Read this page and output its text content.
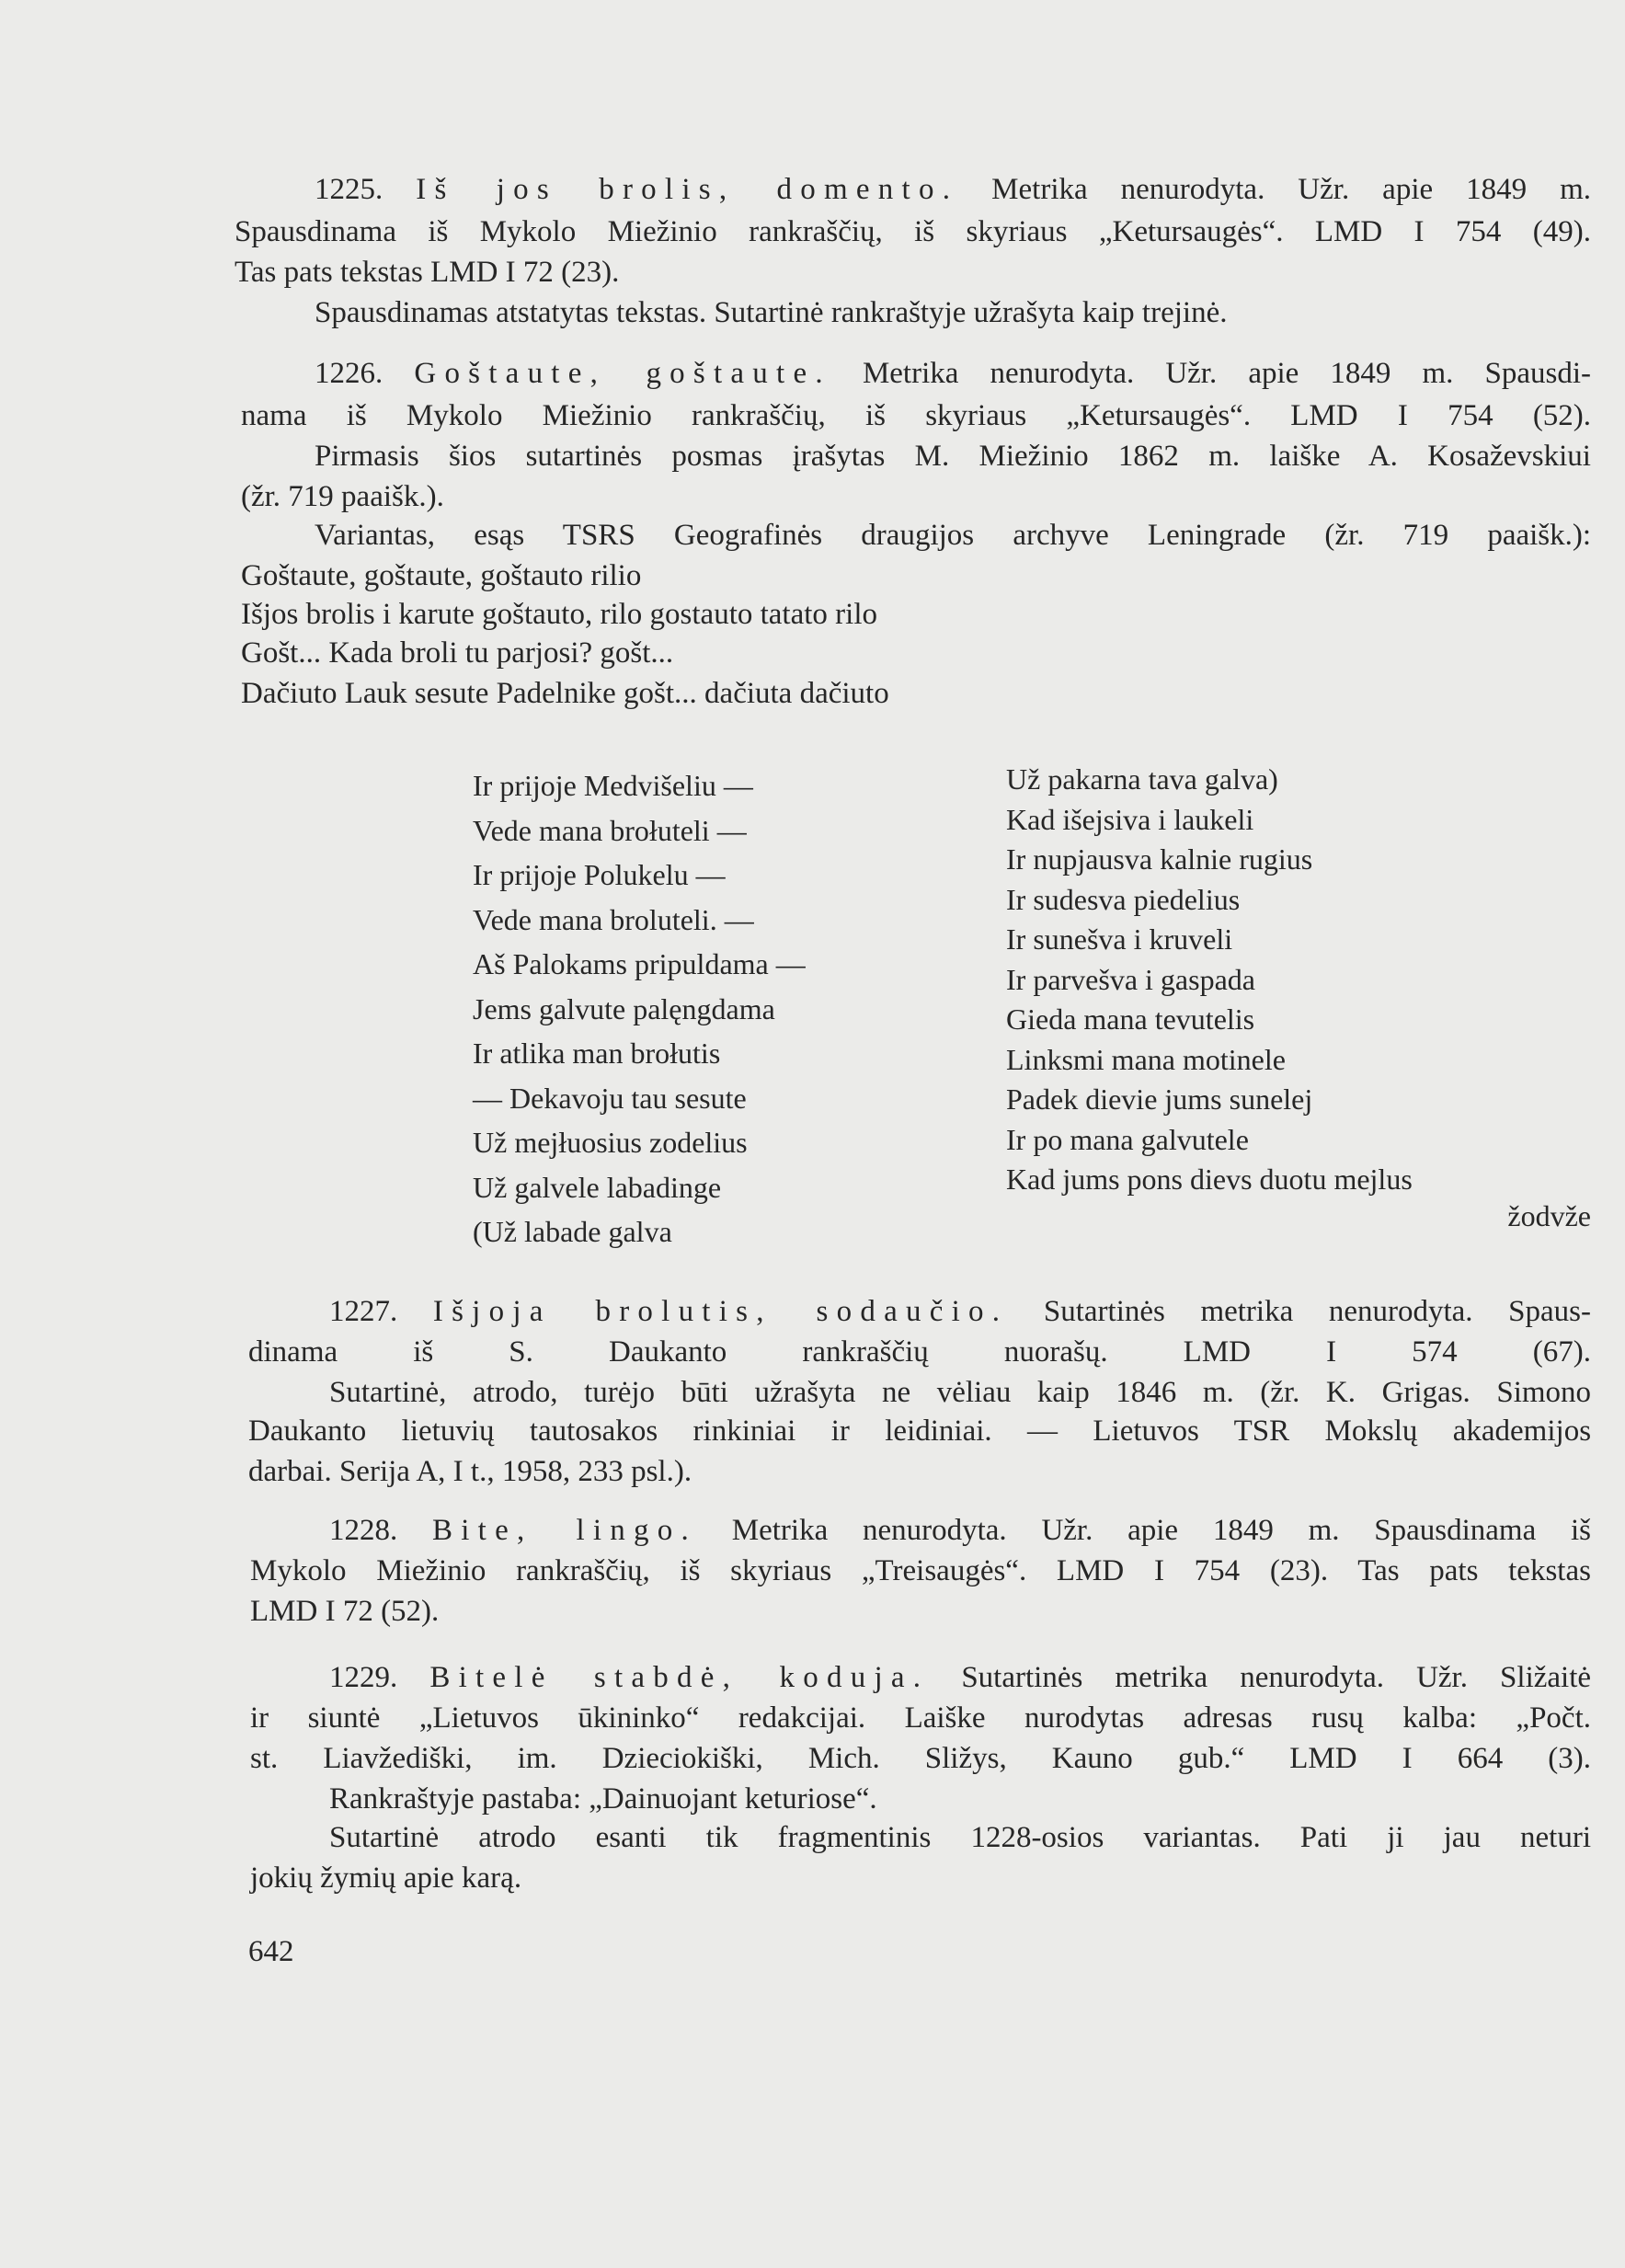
1225. Iš jos brolis, domento. Metrika nenurodyta. Užr. apie 1849 m.
Spausdinama iš Mykolo Miežinio rankraščių, iš skyriaus „Ketursaugės“. LMD I 754 (49).
Tas pats tekstas LMD I 72 (23).
Spausdinamas atstatytas tekstas. Sutartinė rankraštyje užrašyta kaip trejinė.
1226. Goštaute, goštaute. Metrika nenurodyta. Užr. apie 1849 m. Spausdi-
nama iš Mykolo Miežinio rankraščių, iš skyriaus „Ketursaugės“. LMD I 754 (52).
Pirmasis šios sutartinės posmas įrašytas M. Miežinio 1862 m. laiške A. Kosaževskiui
(žr. 719 paaišk.).
Variantas, esąs TSRS Geografinės draugijos archyve Leningrade (žr. 719 paaišk.):
Goštaute, goštaute, goštauto rilio
Išjos brolis i karute goštauto, rilo gostauto tatato rilo
Gošt... Kada broli tu parjosi? gošt...
Dačiuto Lauk sesute Padelnike gošt... dačiuta dačiuto
Ir prijoje Medvišeliu —
Vede mana brołuteli —
Ir prijoje Polukelu —
Vede mana broluteli. —
Aš Palokams pripuldama —
Jems galvute palęngdama
Ir atlika man brołutis
— Dekavoju tau sesute
Už mejłuosius zodelius
Už galvele labadinge
(Už labade galva
Už pakarna tava galva)
Kad išejsiva i laukeli
Ir nupjausva kalnie rugius
Ir sudesva piedelius
Ir sunešva i kruveli
Ir parvešva i gaspada
Gieda mana tevutelis
Linksmi mana motinele
Padek dievie jums sunelej
Ir po mana galvutele
Kad jums pons dievs duotu mejlus
žodvže
1227. Išjoja brolutis, sodaučio. Sutartinės metrika nenurodyta. Spaus-
dinama iš S. Daukanto rankraščių nuorašų. LMD I 574 (67).
Sutartinė, atrodo, turėjo būti užrašyta ne vėliau kaip 1846 m. (žr. K. Grigas. Simono
Daukanto lietuvių tautosakos rinkiniai ir leidiniai. — Lietuvos TSR Mokslų akademijos
darbai. Serija A, I t., 1958, 233 psl.).
1228. Bite, lingo. Metrika nenurodyta. Užr. apie 1849 m. Spausdinama iš
Mykolo Miežinio rankraščių, iš skyriaus „Treisaugės“. LMD I 754 (23). Tas pats tekstas
LMD I 72 (52).
1229. Bitelė stabdė, koduja. Sutartinės metrika nenurodyta. Užr. Sližaitė
ir siuntė „Lietuvos ūkininko“ redakcijai. Laiške nurodytas adresas rusų kalba: „Počt.
st. Liavžediški, im. Dzieciokiški, Mich. Sližys, Kauno gub.“ LMD I 664 (3).
Rankraštyje pastaba: „Dainuojant keturiose“.
Sutartinė atrodo esanti tik fragmentinis 1228-osios variantas. Pati ji jau neturi
jokių žymių apie karą.
642
